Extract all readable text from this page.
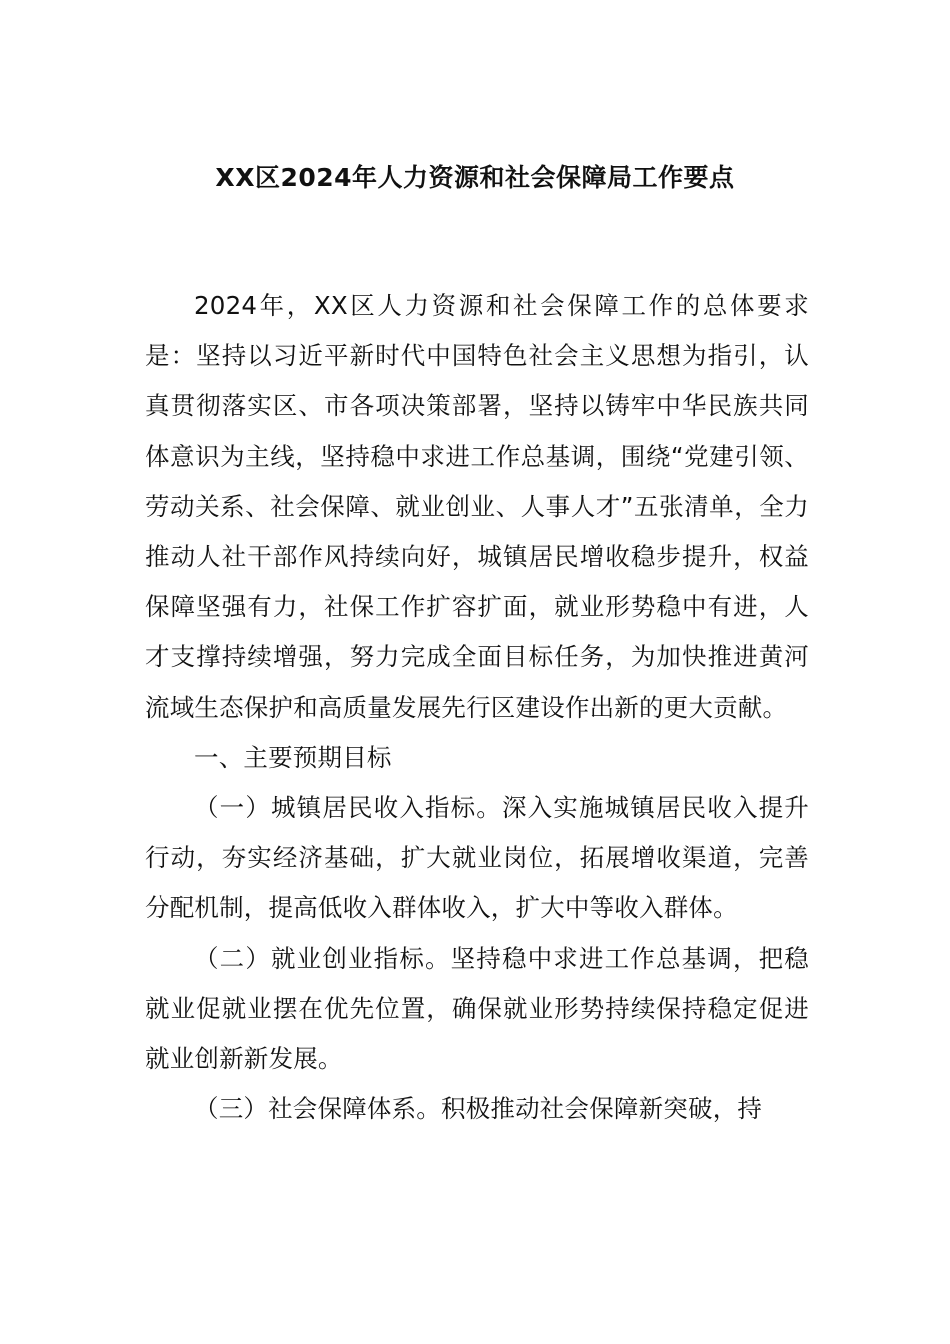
XX区2024年人力资源和社会保障局工作要点

2024年，XX区人力资源和社会保障工作的总体要求是：坚持以习近平新时代中国特色社会主义思想为指引，认真贯彻落实区、市各项决策部署，坚持以铸牢中华民族共同体意识为主线，坚持稳中求进工作总基调，围绕“党建引领、劳动关系、社会保障、就业创业、人事人才”五张清单，全力推动人社干部作风持续向好，城镇居民增收稳步提升，权益保障坚强有力，社保工作扩容扩面，就业形势稳中有进，人才支撑持续增强，努力完成全面目标任务，为加快推进黄河流域生态保护和高质量发展先行区建设作出新的更大贡献。

一、主要预期目标

（一）城镇居民收入指标。深入实施城镇居民收入提升行动，夯实经济基础，扩大就业岗位，拓展增收渠道，完善分配机制，提高低收入群体收入，扩大中等收入群体。

（二）就业创业指标。坚持稳中求进工作总基调，把稳就业促就业摆在优先位置，确保就业形势持续保持稳定促进就业创新新发展。

（三）社会保障体系。积极推动社会保障新突破，持
